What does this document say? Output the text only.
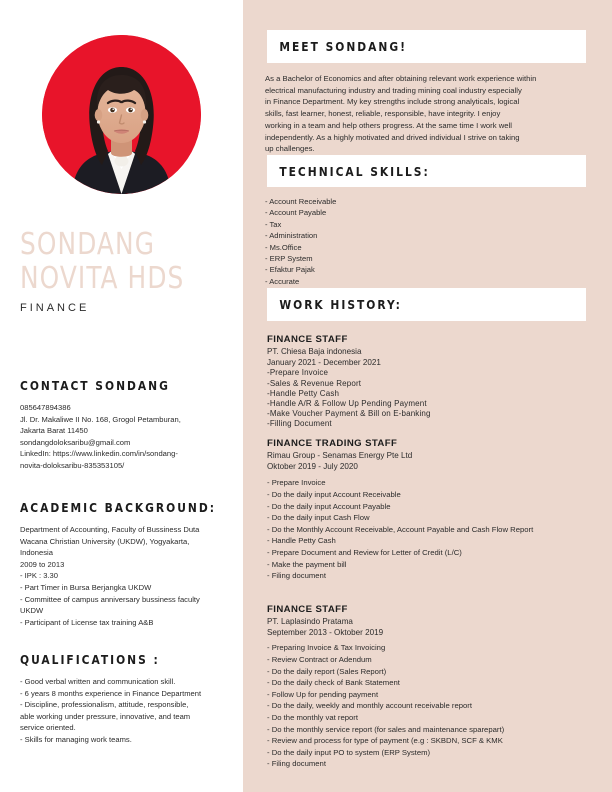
SONDANG
NOVITA HDS
FINANCE
CONTACT SONDANG
085647894386
Jl. Dr. Makaliwe II No. 168, Grogol Petamburan,
Jakarta Barat 11450
sondangdoloksaribu@gmail.com
LinkedIn: https://www.linkedin.com/in/sondang-
novita-doloksaribu-835353105/
ACADEMIC BACKGROUND:
Department of Accounting, Faculty of Bussiness Duta
Wacana Christian University (UKDW), Yogyakarta,
Indonesia
2009 to 2013
- IPK : 3.30
- Part Timer in Bursa Berjangka UKDW
- Committee of campus anniversary bussiness faculty
UKDW
- Participant of License tax training A&B
QUALIFICATIONS :
- Good verbal written and communication skill.
- 6 years 8 months experience in Finance Department
- Discipline, professionalism, attitude, responsible,
able working under pressure, innovative, and team
service oriented.
- Skills for managing work teams.
MEET SONDANG!
As a Bachelor of Economics and after obtaining relevant work experience within
electrical manufacturing industry and trading mining coal industry especially
in Finance Department. My key strengths include strong analyticals, logical
skills, fast learner, honest, reliable, responsible, have integrity. I enjoy
working in a team and help others progress. At the same time I work well
independently. As a highly motivated and drived individual I strive on taking
up challenges.
TECHNICAL SKILLS:
- Account Receivable
- Account Payable
- Tax
- Administration
- Ms.Office
- ERP System
- Efaktur Pajak
- Accurate
WORK HISTORY:
FINANCE STAFF
PT. Chiesa Baja indonesia
January 2021 - December 2021
-Prepare Invoice
-Sales & Revenue Report
-Handle Petty Cash
-Handle A/R & Follow Up Pending Payment
-Make Voucher Payment & Bill on E-banking
-Filling Document
FINANCE TRADING STAFF
Rimau Group - Senamas Energy Pte Ltd
Oktober 2019 - July 2020
- Prepare Invoice
- Do the daily input Account Receivable
- Do the daily input Account Payable
- Do the daily input Cash Flow
- Do the Monthly Account Receivable, Account Payable and Cash Flow Report
- Handle Petty Cash
- Prepare Document and Review for Letter of Credit (L/C)
- Make the payment bill
- Filing document
FINANCE STAFF
PT. Laplasindo Pratama
September 2013 - Oktober 2019
- Preparing Invoice & Tax Invoicing
- Review Contract or Adendum
- Do the daily report (Sales Report)
- Do the daily check of Bank Statement
- Follow Up for pending payment
- Do the daily, weekly and monthly account receivable report
- Do the monthly vat report
- Do the monthly service report (for sales and maintenance sparepart)
- Review and process for type of payment (e.g : SKBDN, SCF & KMK
- Do the daily input PO to system (ERP System)
- Filing document
